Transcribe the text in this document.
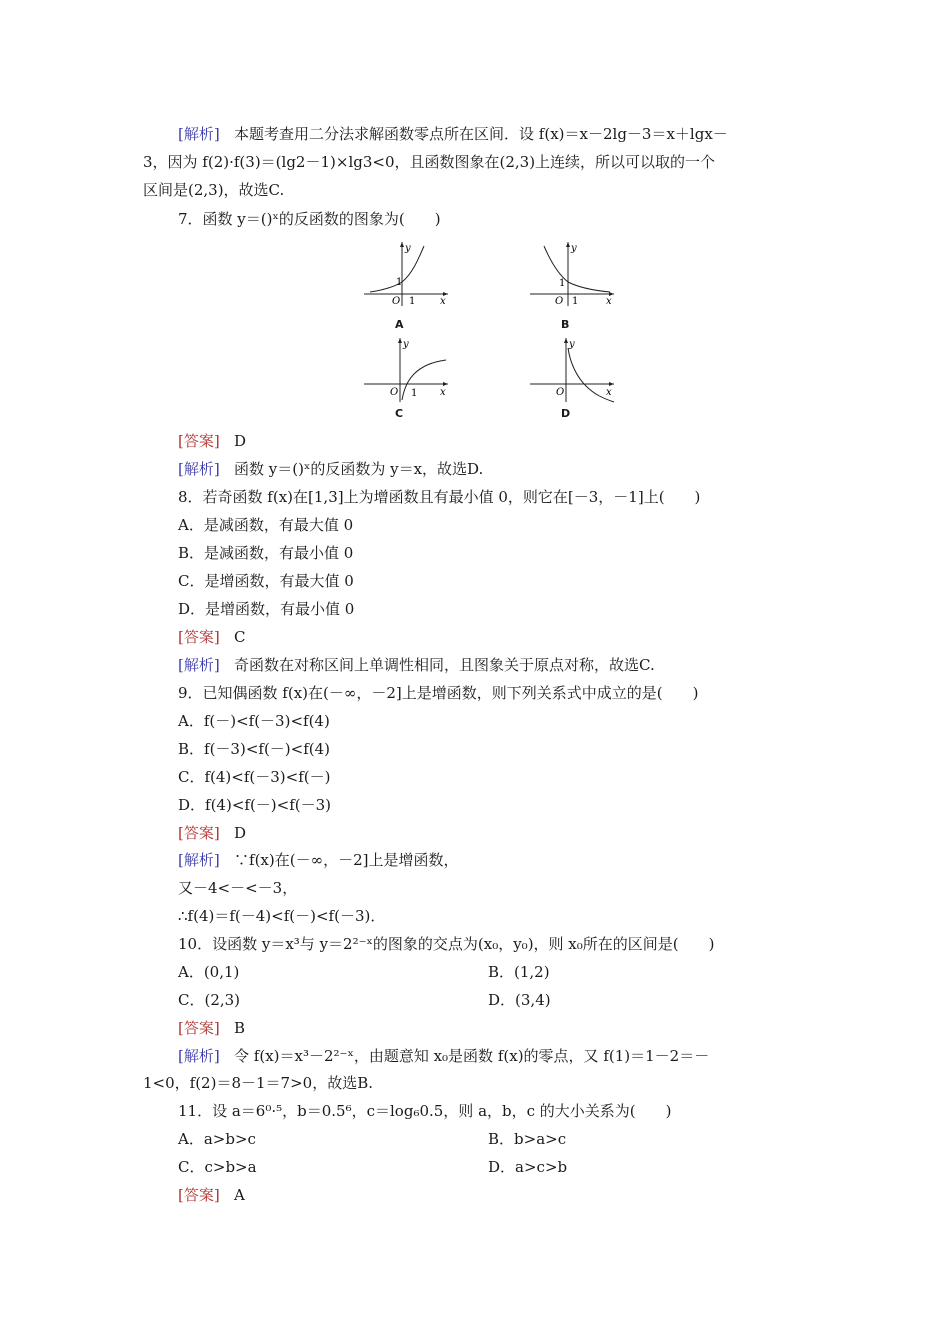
[解析] 本题考查用二分法求解函数零点所在区间．设 f(x)＝x－2lg－3＝x＋lgx－
3，因为 f(2)·f(3)＝(lg2－1)×lg3<0，且函数图象在(2,3)上连续，所以可以取的一个
区间是(2,3)，故选C.
7．函数 y＝()ˣ的反函数的图象为(　　)
y
x
O 1
1
A
y
x
O 1
1
B
y
x
O 1
C
y
x
O
D
[答案] D
[解析] 函数 y＝()ˣ的反函数为 y＝x，故选D.
8．若奇函数 f(x)在[1,3]上为增函数且有最小值 0，则它在[－3，－1]上(　　)
A．是减函数，有最大值 0
B．是减函数，有最小值 0
C．是增函数，有最大值 0
D．是增函数，有最小值 0
[答案] C
[解析] 奇函数在对称区间上单调性相同，且图象关于原点对称，故选C.
9．已知偶函数 f(x)在(－∞，－2]上是增函数，则下列关系式中成立的是(　　)
A．f(－)<f(－3)<f(4)
B．f(－3)<f(－)<f(4)
C．f(4)<f(－3)<f(－)
D．f(4)<f(－)<f(－3)
[答案] D
[解析] ∵f(x)在(－∞，－2]上是增函数，
又－4<－<－3，
∴f(4)＝f(－4)<f(－)<f(－3)．
10．设函数 y＝x³与 y＝2²⁻ˣ的图象的交点为(x₀，y₀)，则 x₀所在的区间是(　　)
A．(0,1)	B．(1,2)
C．(2,3)	D．(3,4)
[答案] B
[解析] 令 f(x)＝x³－2²⁻ˣ，由题意知 x₀是函数 f(x)的零点，又 f(1)＝1－2＝－
1<0，f(2)＝8－1＝7>0，故选B.
11．设 a＝6⁰·⁵，b＝0.5⁶，c＝log₆0.5，则 a，b，c 的大小关系为(　　)
A．a>b>c	B．b>a>c
C．c>b>a	D．a>c>b
[答案] A
